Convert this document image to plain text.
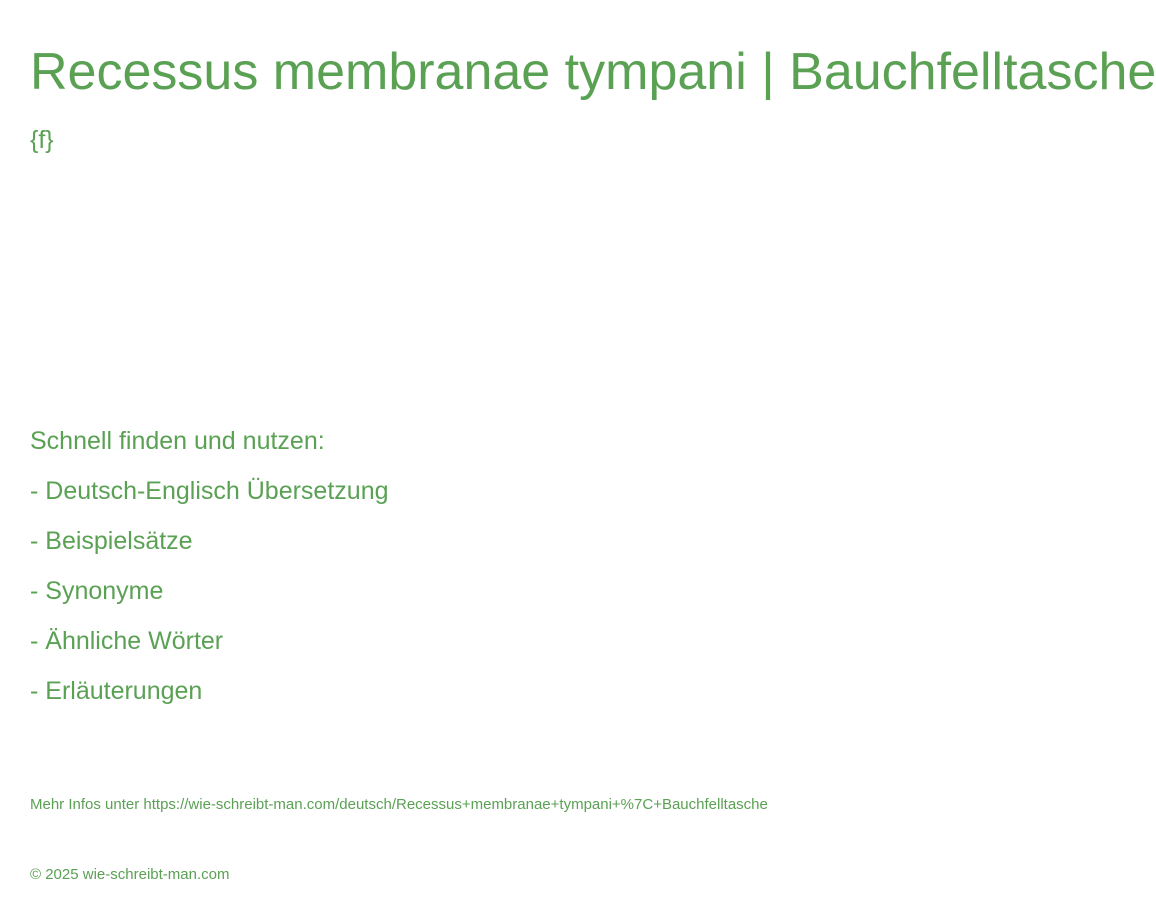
Recessus membranae tympani | Bauchfelltasche
{f}
Schnell finden und nutzen:
- Deutsch-Englisch Übersetzung
- Beispielsätze
- Synonyme
- Ähnliche Wörter
- Erläuterungen
Mehr Infos unter https://wie-schreibt-man.com/deutsch/Recessus+membranae+tympani+%7C+Bauchfelltasche
© 2025 wie-schreibt-man.com
